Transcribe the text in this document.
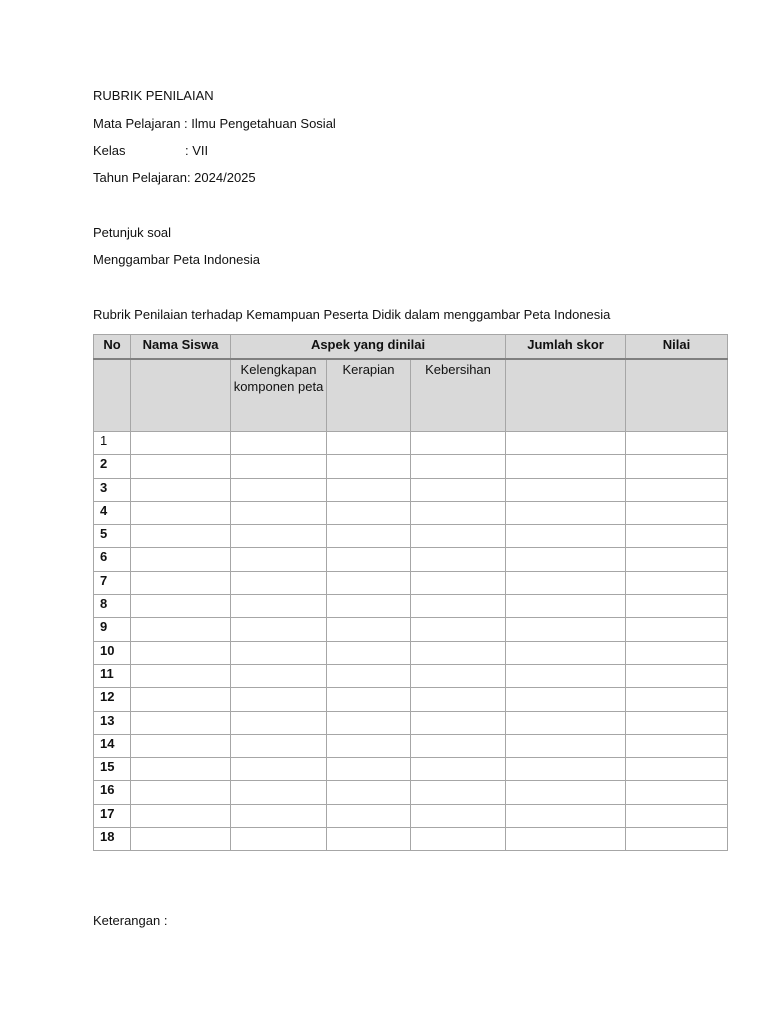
RUBRIK PENILAIAN
Mata Pelajaran : Ilmu Pengetahuan Sosial
Kelas	: VII
Tahun Pelajaran: 2024/2025
Petunjuk soal
Menggambar Peta Indonesia
Rubrik Penilaian terhadap Kemampuan Peserta Didik dalam menggambar Peta Indonesia
No	Nama Siswa	Aspek yang dinilai			Jumlah skor	Nilai
		Kelengkapan komponen peta	Kerapian	Kebersihan		
1						
2						
3						
4						
5						
6						
7						
8						
9						
10						
11						
12						
13						
14						
15						
16						
17						
18						
Keterangan :
